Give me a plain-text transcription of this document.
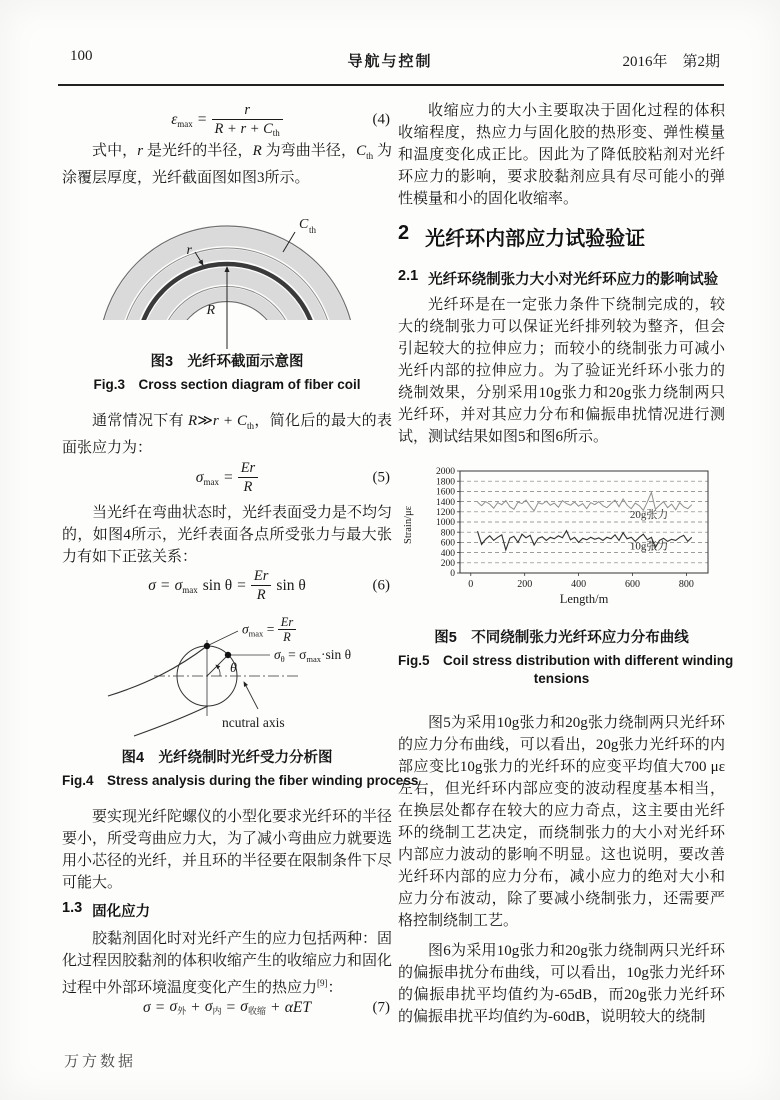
100	导航与控制	2016年　第2期
$\varepsilon_{max} = \frac{r}{R + r + C_{th}}$	(4)
式中，r 是光纤的半径，R 为弯曲半径，$C_{th}$ 为涂覆层厚度，光纤截面图如图3所示。
C th
r
R
图3　光纤环截面示意图
Fig.3　Cross section diagram of fiber coil
通常情况下有 R≫r + $C_{th}$，简化后的最大的表面张应力为：
$\sigma_{max} = \frac{Er}{R}$	(5)
当光纤在弯曲状态时，光纤表面受力是不均匀的，如图4所示，光纤表面各点所受张力与最大张力有如下正弦关系：
$\sigma = \sigma_{max}$ $\sin \theta = \frac{Er}{R}$ sin θ	(6)
θ
ncutral axis
$\sigma_{max} = \frac{Er}{R}$
$\sigma_\theta = \sigma_{max}\cdot\sin$ θ
图4　光纤绕制时光纤受力分析图
Fig.4　Stress analysis during the fiber winding process
要实现光纤陀螺仪的小型化要求光纤环的半径要小，所受弯曲应力大，为了减小弯曲应力就要选用小芯径的光纤，并且环的半径要在限制条件下尽可能大。
1.3 固化应力
胶黏剂固化时对光纤产生的应力包括两种：固化过程因胶黏剂的体积收缩产生的收缩应力和固化过程中外部环境温度变化产生的热应力[9]：
$\sigma = \sigma_外 + \sigma_内 = \sigma_{收缩} + \alpha ET$	(7)
收缩应力的大小主要取决于固化过程的体积收缩程度，热应力与固化胶的热形变、弹性模量和温度变化成正比。因此为了降低胶粘剂对光纤环应力的影响，要求胶黏剂应具有尽可能小的弹性模量和小的固化收缩率。
2 光纤环内部应力试验验证
2.1 光纤环绕制张力大小对光纤环应力的影响试验
光纤环是在一定张力条件下绕制完成的，较大的绕制张力可以保证光纤排列较为整齐，但会引起较大的拉伸应力；而较小的绕制张力可减小光纤内部的拉伸应力。为了验证光纤环小张力的绕制效果，分别采用10g张力和20g张力绕制两只光纤环，并对其应力分布和偏振串扰情况进行测试，测试结果如图5和图6所示。
Strain/με
Length/m
0
200
400
600
800
1000
1200
1400
1600
1800
2000
0	200	400	600	800
20g张力
10g张力
图5　不同绕制张力光纤环应力分布曲线
Fig.5　Coil stress distribution with different winding
tensions
图5为采用10g张力和20g张力绕制两只光纤环的应力分布曲线，可以看出，20g张力光纤环的内部应变比10g张力的光纤环的应变平均值大700 με左右，但光纤环内部应变的波动程度基本相当，在换层处都存在较大的应力奇点，这主要由光纤环的绕制工艺决定，而绕制张力的大小对光纤环内部应力波动的影响不明显。这也说明，要改善光纤环内部的应力分布，减小应力的绝对大小和应力分布波动，除了要减小绕制张力，还需要严格控制绕制工艺。
图6为采用10g张力和20g张力绕制两只光纤环的偏振串扰分布曲线，可以看出，10g张力光纤环的偏振串扰平均值约为-65dB，而20g张力光纤环的偏振串扰平均值约为-60dB，说明较大的绕制
万方数据
